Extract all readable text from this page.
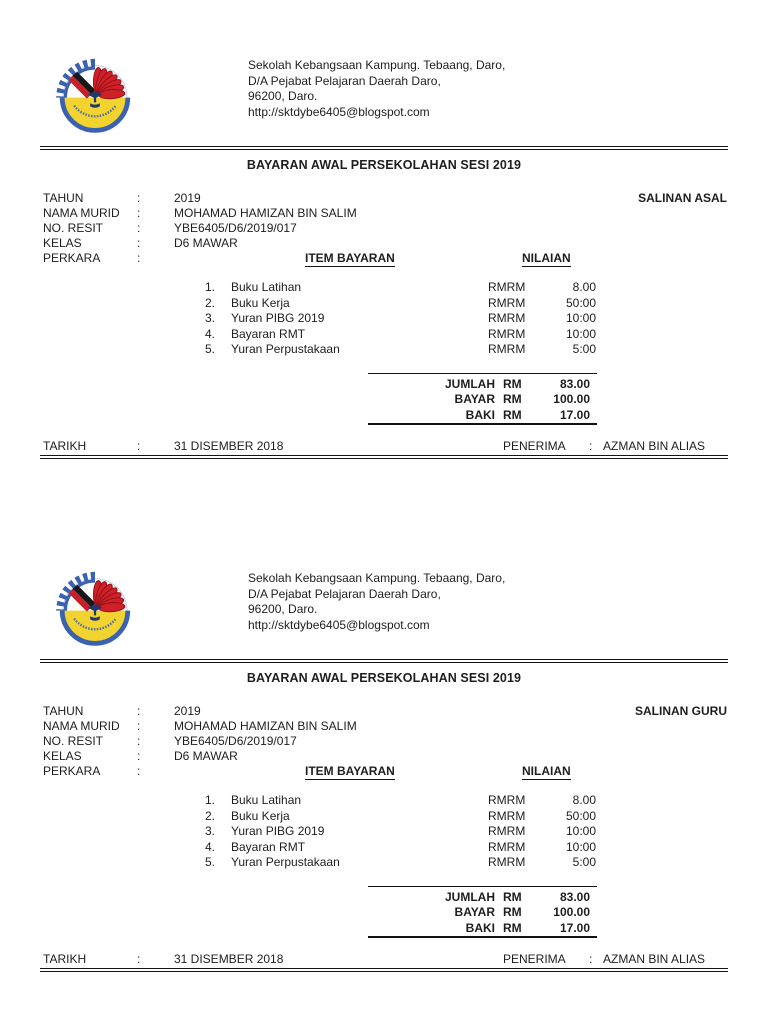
Sekolah Kebangsaan Kampung. Tebaang, Daro,
D/A Pejabat Pelajaran Daerah Daro,
96200, Daro.
http://sktdybe6405@blogspot.com
BAYARAN AWAL PERSEKOLAHAN SESI 2019
SALINAN ASAL
TAHUN	:	2019
NAMA MURID :	MOHAMAD HAMIZAN BIN SALIM
NO. RESIT	:	YBE6405/D6/2019/017
KELAS	:	D6 MAWAR
PERKARA	:	ITEM BAYARAN	NILAIAN
1. Buku Latihan	RMRM	8.00
2. Buku Kerja	RMRM	50:00
3. Yuran PIBG 2019	RMRM	10:00
4. Bayaran RMT	RMRM	10:00
5. Yuran Perpustakaan	RMRM	5:00
JUMLAH RM	83.00
BAYAR RM	100.00
BAKI RM	17.00
TARIKH	:	31 DISEMBER 2018	PENERIMA : AZMAN BIN ALIAS
Sekolah Kebangsaan Kampung. Tebaang, Daro,
D/A Pejabat Pelajaran Daerah Daro,
96200, Daro.
http://sktdybe6405@blogspot.com
BAYARAN AWAL PERSEKOLAHAN SESI 2019
SALINAN GURU
TAHUN	:	2019
NAMA MURID :	MOHAMAD HAMIZAN BIN SALIM
NO. RESIT	:	YBE6405/D6/2019/017
KELAS	:	D6 MAWAR
PERKARA	:	ITEM BAYARAN	NILAIAN
1. Buku Latihan	RMRM	8.00
2. Buku Kerja	RMRM	50:00
3. Yuran PIBG 2019	RMRM	10:00
4. Bayaran RMT	RMRM	10:00
5. Yuran Perpustakaan	RMRM	5:00
JUMLAH RM	83.00
BAYAR RM	100.00
BAKI RM	17.00
TARIKH	:	31 DISEMBER 2018	PENERIMA : AZMAN BIN ALIAS
